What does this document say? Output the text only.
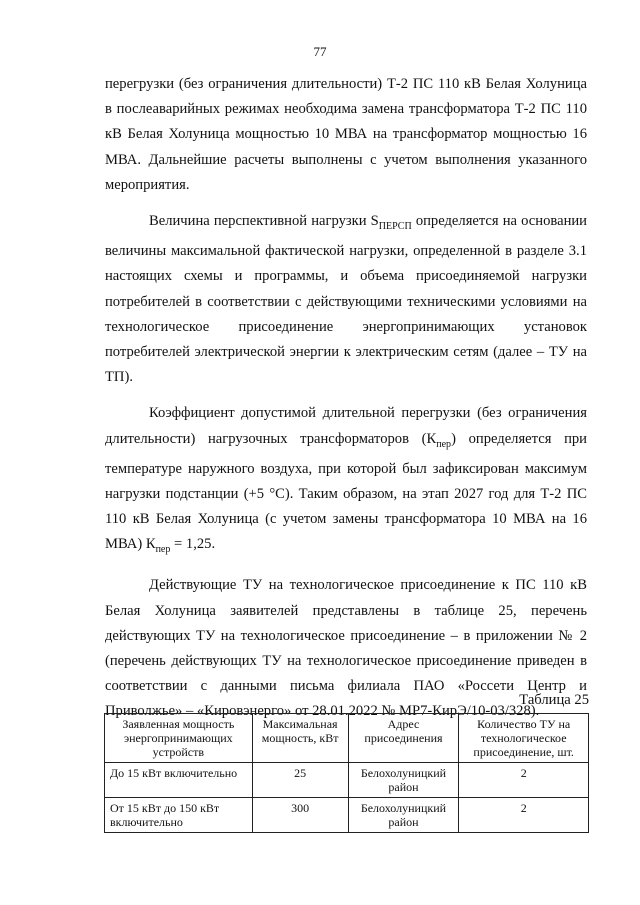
77

перегрузки (без ограничения длительности) Т-2 ПС 110 кВ Белая Холуница в послеаварийных режимах необходима замена трансформатора Т-2 ПС 110 кВ Белая Холуница мощностью 10 МВА на трансформатор мощностью 16 МВА. Дальнейшие расчеты выполнены с учетом выполнения указанного мероприятия.

Величина перспективной нагрузки $S_{ПЕРСП}$ определяется на основании величины максимальной фактической нагрузки, определенной в разделе 3.1 настоящих схемы и программы, и объема присоединяемой нагрузки потребителей в соответствии с действующими техническими условиями на технологическое присоединение энергопринимающих установок потребителей электрической энергии к электрическим сетям (далее – ТУ на ТП).

Коэффициент допустимой длительной перегрузки (без ограничения длительности) нагрузочных трансформаторов $(К_{пер})$ определяется при температуре наружного воздуха, при которой был зафиксирован максимум нагрузки подстанции (+5 °С). Таким образом, на этап 2027 год для Т-2 ПС 110 кВ Белая Холуница (с учетом замены трансформатора 10 МВА на 16 МВА) $К_{пер} = 1,25$.

Действующие ТУ на технологическое присоединение к ПС 110 кВ Белая Холуница заявителей представлены в таблице 25, перечень действующих ТУ на технологическое присоединение – в приложении № 2 (перечень действующих ТУ на технологическое присоединение приведен в соответствии с данными письма филиала ПАО «Россети Центр и Приволжье» – «Кировэнерго» от 28.01.2022 № МР7-КирЭ/10-03/328).

Таблица 25
Заявленная мощность энергопринимающих устройств	Максимальная мощность, кВт	Адрес присоединения	Количество ТУ на технологическое присоединение, шт.
До 15 кВт включительно	25	Белохолуницкий район	2
От 15 кВт до 150 кВт включительно	300	Белохолуницкий район	2
